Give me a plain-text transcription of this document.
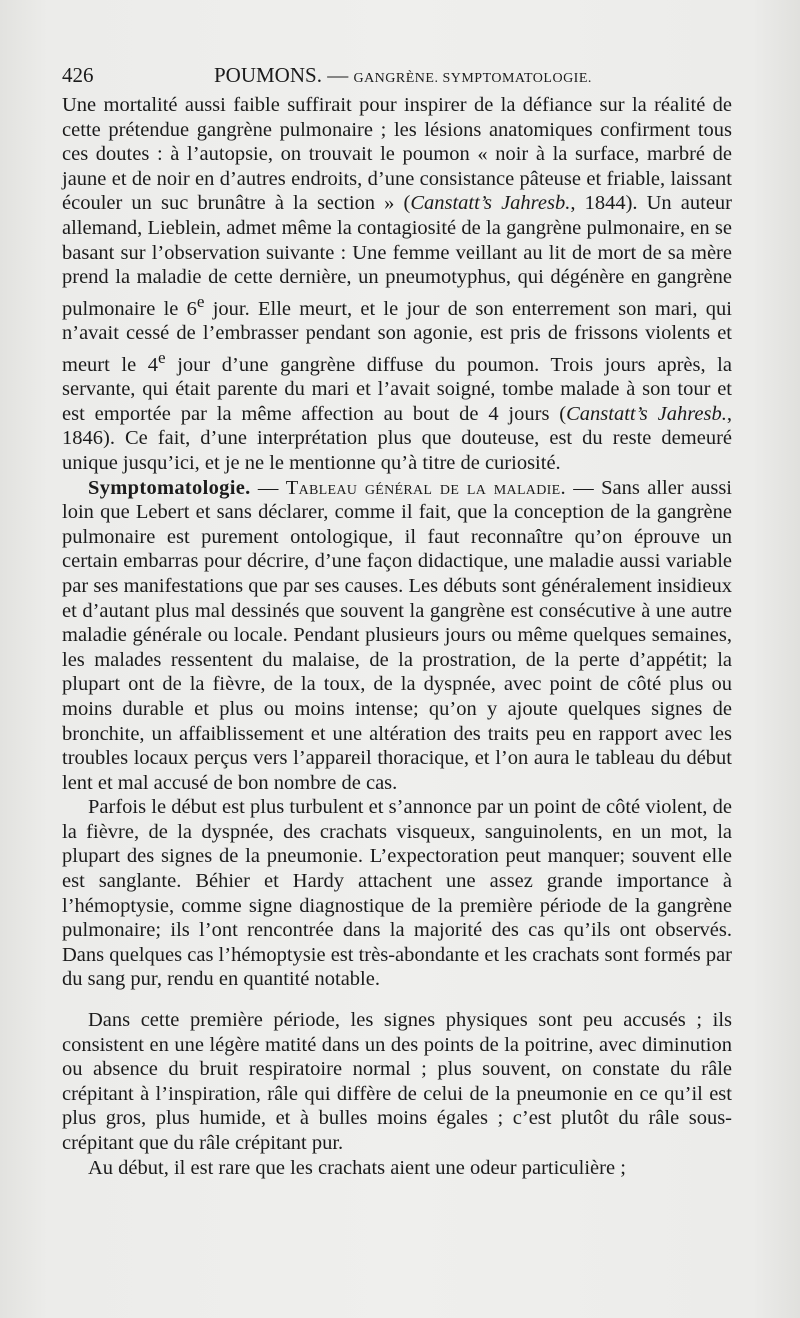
426	POUMONS. — GANGRÈNE. SYMPTOMATOLOGIE.

Une mortalité aussi faible suffirait pour inspirer de la défiance sur la réalité de cette prétendue gangrène pulmonaire ; les lésions anatomiques confirment tous ces doutes : à l’autopsie, on trouvait le poumon « noir à la surface, marbré de jaune et de noir en d’autres endroits, d’une consistance pâteuse et friable, laissant écouler un suc brunâtre à la section » (Canstatt’s Jahresb., 1844). Un auteur allemand, Lieblein, admet même la contagiosité de la gangrène pulmonaire, en se basant sur l’observation suivante : Une femme veillant au lit de mort de sa mère prend la maladie de cette dernière, un pneumotyphus, qui dégénère en gangrène pulmonaire le 6e jour. Elle meurt, et le jour de son enterrement son mari, qui n’avait cessé de l’embrasser pendant son agonie, est pris de frissons violents et meurt le 4e jour d’une gangrène diffuse du poumon. Trois jours après, la servante, qui était parente du mari et l’avait soigné, tombe malade à son tour et est emportée par la même affection au bout de 4 jours (Canstatt’s Jahresb., 1846). Ce fait, d’une interprétation plus que douteuse, est du reste demeuré unique jusqu’ici, et je ne le mentionne qu’à titre de curiosité.

Symptomatologie. — Tableau général de la maladie. — Sans aller aussi loin que Lebert et sans déclarer, comme il fait, que la conception de la gangrène pulmonaire est purement ontologique, il faut reconnaître qu’on éprouve un certain embarras pour décrire, d’une façon didactique, une maladie aussi variable par ses manifestations que par ses causes. Les débuts sont généralement insidieux et d’autant plus mal dessinés que souvent la gangrène est consécutive à une autre maladie générale ou locale. Pendant plusieurs jours ou même quelques semaines, les malades ressentent du malaise, de la prostration, de la perte d’appétit; la plupart ont de la fièvre, de la toux, de la dyspnée, avec point de côté plus ou moins durable et plus ou moins intense; qu’on y ajoute quelques signes de bronchite, un affaiblissement et une altération des traits peu en rapport avec les troubles locaux perçus vers l’appareil thoracique, et l’on aura le tableau du début lent et mal accusé de bon nombre de cas.

Parfois le début est plus turbulent et s’annonce par un point de côté violent, de la fièvre, de la dyspnée, des crachats visqueux, sanguinolents, en un mot, la plupart des signes de la pneumonie. L’expectoration peut manquer; souvent elle est sanglante. Béhier et Hardy attachent une assez grande importance à l’hémoptysie, comme signe diagnostique de la première période de la gangrène pulmonaire; ils l’ont rencontrée dans la majorité des cas qu’ils ont observés. Dans quelques cas l’hémoptysie est très-abondante et les crachats sont formés par du sang pur, rendu en quantité notable.

Dans cette première période, les signes physiques sont peu accusés ; ils consistent en une légère matité dans un des points de la poitrine, avec diminution ou absence du bruit respiratoire normal ; plus souvent, on constate du râle crépitant à l’inspiration, râle qui diffère de celui de la pneumonie en ce qu’il est plus gros, plus humide, et à bulles moins égales ; c’est plutôt du râle sous-crépitant que du râle crépitant pur.

Au début, il est rare que les crachats aient une odeur particulière ;
